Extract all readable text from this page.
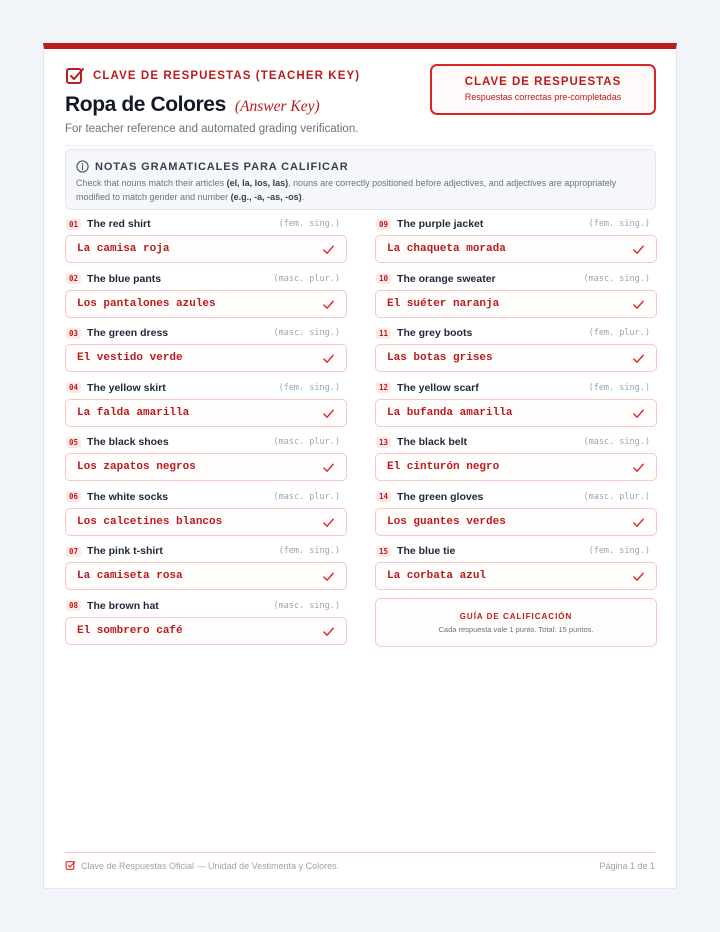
CLAVE DE RESPUESTAS (TEACHER KEY)
Ropa de Colores (Answer Key)
For teacher reference and automated grading verification.
CLAVE DE RESPUESTAS
Respuestas correctas pre-completadas
NOTAS GRAMATICALES PARA CALIFICAR
Check that nouns match their articles (el, la, los, las), nouns are correctly positioned before adjectives, and adjectives are appropriately modified to match gender and number (e.g., -a, -as, -os).
01 The red shirt	(fem. sing.)
La camisa roja
02 The blue pants	(masc. plur.)
Los pantalones azules
03 The green dress	(masc. sing.)
El vestido verde
04 The yellow skirt	(fem. sing.)
La falda amarilla
05 The black shoes	(masc. plur.)
Los zapatos negros
06 The white socks	(masc. plur.)
Los calcetines blancos
07 The pink t-shirt	(fem. sing.)
La camiseta rosa
08 The brown hat	(masc. sing.)
El sombrero café
09 The purple jacket	(fem. sing.)
La chaqueta morada
10 The orange sweater	(masc. sing.)
El suéter naranja
11 The grey boots	(fem. plur.)
Las botas grises
12 The yellow scarf	(fem. sing.)
La bufanda amarilla
13 The black belt	(masc. sing.)
El cinturón negro
14 The green gloves	(masc. plur.)
Los guantes verdes
15 The blue tie	(fem. sing.)
La corbata azul
GUÍA DE CALIFICACIÓN
Cada respuesta vale 1 punto. Total: 15 puntos.
Clave de Respuestas Oficial — Unidad de Vestimenta y Colores.	Página 1 de 1
